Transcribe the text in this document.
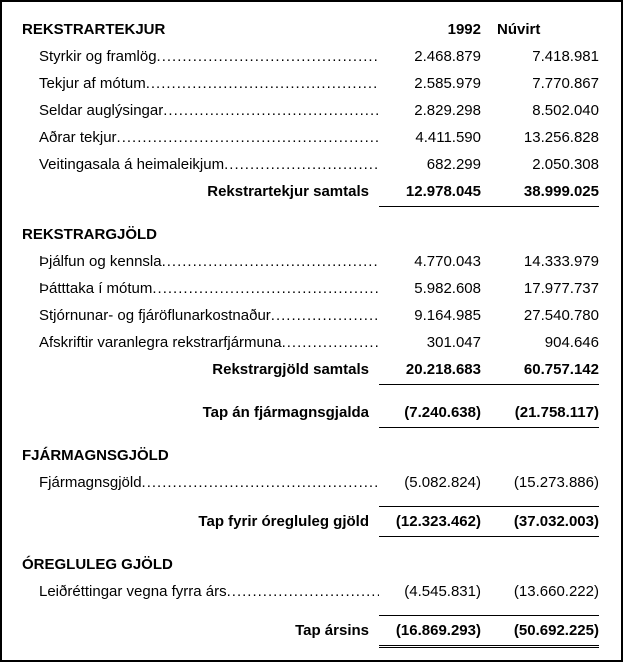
REKSTRARTEKJUR	1992	Núvirt
Styrkir og framlög .....	2.468.879	7.418.981
Tekjur af mótum .....	2.585.979	7.770.867
Seldar auglýsingar .....	2.829.298	8.502.040
Aðrar tekjur .....	4.411.590	13.256.828
Veitingasala á heimaleikjum .....	682.299	2.050.308
Rekstrartekjur samtals	12.978.045	38.999.025
REKSTRARGJÖLD
Þjálfun og kennsla .....	4.770.043	14.333.979
Þátttaka í mótum .....	5.982.608	17.977.737
Stjórnunar- og fjáröflunarkostnaður .....	9.164.985	27.540.780
Afskriftir varanlegra rekstrarfjármuna .....	301.047	904.646
Rekstrargjöld samtals	20.218.683	60.757.142
Tap án fjármagnsgjalda	(7.240.638)	(21.758.117)
FJÁRMAGNSGJÖLD
Fjármagnsgjöld .....	(5.082.824)	(15.273.886)
Tap fyrir óregluleg gjöld	(12.323.462)	(37.032.003)
ÓREGLULEG GJÖLD
Leiðréttingar vegna fyrra árs .....	(4.545.831)	(13.660.222)
Tap ársins	(16.869.293)	(50.692.225)
